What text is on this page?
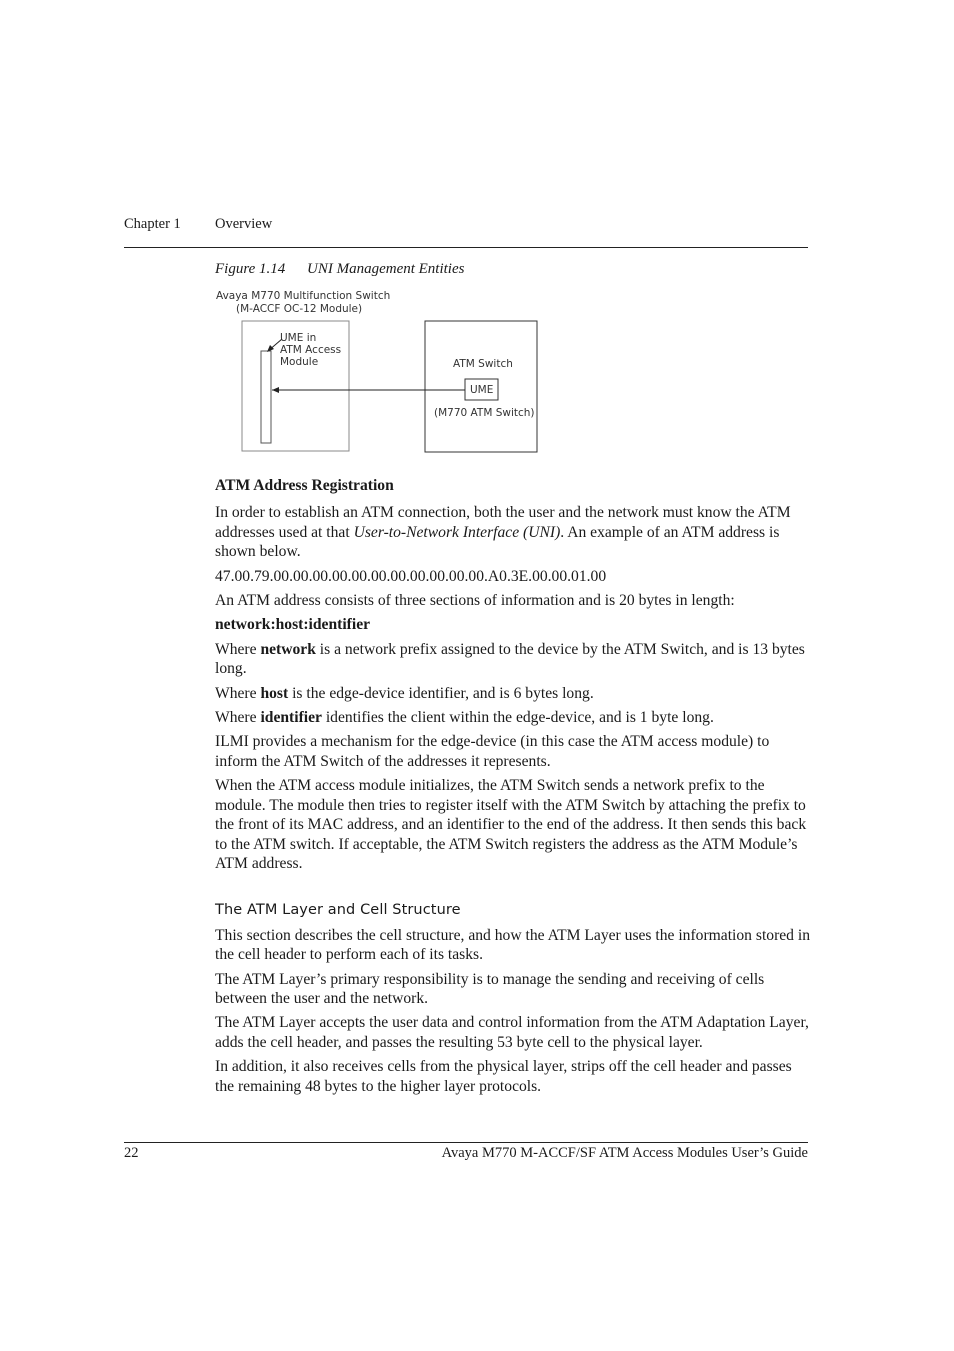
Chapter 1 Overview
Figure 1.14 UNI Management Entities
Avaya M770 Multifunction Switch
(M-ACCF OC-12 Module)
UME in
ATM Access
Module	ATM Switch
UME
(M770 ATM Switch)
ATM Address Registration

In order to establish an ATM connection, both the user and the network must know the ATM addresses used at that User-to-Network Interface (UNI). An example of an ATM address is shown below.

47.00.79.00.00.00.00.00.00.00.00.00.00.00.A0.3E.00.00.01.00

An ATM address consists of three sections of information and is 20 bytes in length:

network:host:identifier

Where network is a network prefix assigned to the device by the ATM Switch, and is 13 bytes long.

Where host is the edge-device identifier, and is 6 bytes long.

Where identifier identifies the client within the edge-device, and is 1 byte long.

ILMI provides a mechanism for the edge-device (in this case the ATM access module) to inform the ATM Switch of the addresses it represents.

When the ATM access module initializes, the ATM Switch sends a network prefix to the module. The module then tries to register itself with the ATM Switch by attaching the prefix to the front of its MAC address, and an identifier to the end of the address. It then sends this back to the ATM switch. If acceptable, the ATM Switch registers the address as the ATM Module’s ATM address.

The ATM Layer and Cell Structure

This section describes the cell structure, and how the ATM Layer uses the information stored in the cell header to perform each of its tasks.

The ATM Layer’s primary responsibility is to manage the sending and receiving of cells between the user and the network.

The ATM Layer accepts the user data and control information from the ATM Adaptation Layer, adds the cell header, and passes the resulting 53 byte cell to the physical layer.

In addition, it also receives cells from the physical layer, strips off the cell header and passes the remaining 48 bytes to the higher layer protocols.

22	Avaya M770 M-ACCF/SF ATM Access Modules User’s Guide
